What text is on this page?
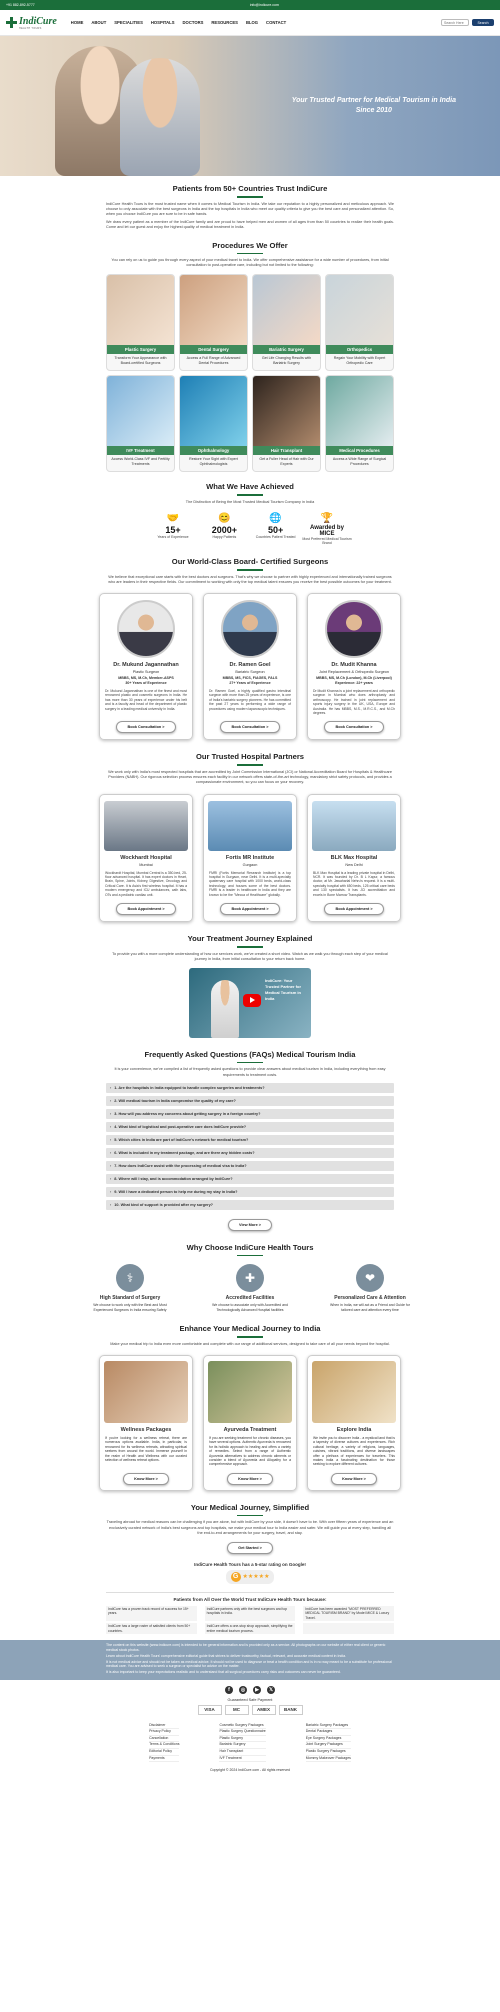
+91 882-892-5777	info@indicure.com
IndiCure
HEALTH TOURS
HOME ABOUT SPECIALITIES HOSPITALS DOCTORS RESOURCES BLOG CONTACT
Search Here	Search
Your Trusted Partner for Medical Tourism in India
Since 2010
Patients from 50+ Countries Trust IndiCure

IndiCure Health Tours is the most trusted name when it comes to Medical Tourism in India. We take our reputation to a highly personalized and meticulous approach. We choose to only associate with the best surgeons in India and the top hospitals in India who meet our quality criteria to give you the best care and personalized attention. So, when you choose IndiCure you are sure to be in safe hands.

We draw every patient as a member of the IndiCure family and are proud to have helped men and women of all ages from than 50 countries to realize their health goals. Come and let our guest and enjoy the highest quality of medical treatment in India.

Procedures We Offer

You can rely on us to guide you through every aspect of your medical travel to India. We offer comprehensive assistance for a wide number of procedures, from initial consultation to post-operative care, including but not limited to the following:

Plastic Surgery
Transform Your Appearance with Board-certified Surgeons
Dental Surgery
Access a Full Range of Advanced Dental Procedures
Bariatric Surgery
Get Life Changing Results with Bariatric Surgery
Orthopedics
Regain Your Mobility with Expert Orthopedic Care
IVF Treatment
Access World-Class IVF and Fertility Treatments
Ophthalmology
Restore Your Sight with Expert Ophthalmologists
Hair Transplant
Get a Fuller Head of Hair with Our Experts
Medical Procedures
Access a Wide Range of Surgical Procedures
What We Have Achieved

The Distinction of Being the Most Trusted Medical Tourism Company in India

🤝
15+
Years of Experience
😊
2000+
Happy Patients
🌐
50+
Countries Patient Treated
🏆
Awarded by MICE
Most Preferred Medical Tourism Brand
Our World-Class Board- Certified Surgeons

We believe that exceptional care starts with the best doctors and surgeons. That's why we choose to partner with highly experienced and internationally trained surgeons who are leaders in their respective fields. Our commitment to working with only the top medical talent ensures you receive the best possible outcomes for your treatment.

Dr. Mukund Jagannathan
Plastic Surgeon
MBBS, MS, M.Ch, Member-ASPS
30+ Years of Experience
Dr. Mukund Jagannathan is one of the finest and most renowned plastic and cosmetic surgeons in India. He has more than 30 years of experience under his belt and is a faculty and head of the department of plastic surgery in a leading medical university in India.
Book Consultation >
Dr. Ramen Goel
Bariatric Surgeon
MBBS, MS, FICS, FIAGES, FALS
27+ Years of Experience
Dr. Ramen Goel, a highly qualified gastro intestinal surgeon with more than 25 years of experience, is one of India's bariatric surgery pioneers. He has committed the past 27 years to performing a wide range of procedures using modern laparoscopic techniques.
Book Consultation >
Dr. Mudit Khanna
Joint Replacement & Orthopedic Surgeon
MBBS, MS, M.Ch (London), M.Ch (Liverpool)
Experience: 22+ years
Dr Mudit Khanna is a joint replacement and orthopedic surgeon in Mumbai who does arthroplasty and arthroscopy. He trained in joint replacement and sports injury surgery in the UK, USA, Europe and Australia. He has MBBS, M.S., M.R.C.S., and M.Ch degrees.
Book Consultation >
Our Trusted Hospital Partners

We work only with India's most respected hospitals that are accredited by Joint Commission International (JCI) or National Accreditation Board for Hospitals & Healthcare Providers (NABH). Our rigorous selection process ensures each facility in our network offers state-of-the-art technology, mandatory strict safety protocols, and provides a compassionate environment, so you can focus on your recovery.

Wockhardt Hospital
Mumbai
Wockhardt Hospital, Mumbai Central is a 350-bed, 25-floor advanced hospital. It has expert doctors in Heart, Brain, Spine, Joints, Kidney, Digestive, Oncology and Critical Care. It is Asia's first wireless hospital. It has a modern emergency and ICU ambulances, cath labs, OTs and a pediatric cardiac unit.
Book Appointment >
Fortis MR Institute
Gurgaon
FMRI (Fortis Memorial Research Institute) is a top hospital in Gurgaon, near Delhi. It is a multi-specialty quaternary care hospital with 1000 beds, world-class technology, and houses some of the best doctors. FMRI is a leader in healthcare in India and they are known to be the "Mecca of Healthcare" globally.
Book Appointment >
BLK Max Hospital
New Delhi
BLK Max Hospital is a leading private hospital in Delhi, NCR. It was founded by Dr. B L Kapur, a famous doctor, at Mr. Jawaharlal Nehru's request. It is a multi-specialty hospital with 650 beds, 125 critical care beds and 130 specialists. It has JCI accreditation and excels in Bone Marrow Transplants.
Book Appointment >
Your Treatment Journey Explained

To provide you with a more complete understanding of how our services work, we've created a short video. Watch as we walk you through each step of your medical journey in India, from initial consultation to your return back home.

IndiCure: Your Trusted Partner for Medical Tourism in India
Frequently Asked Questions (FAQs) Medical Tourism India

It is your convenience, we've compiled a list of frequently asked questions to provide clear answers about medical tourism in India, including everything from easy requirements to treatment costs.

› 1. Are the hospitals in India equipped to handle complex surgeries and treatments?
› 2. Will medical tourism in India compromise the quality of my care?
› 3. How will you address my concerns about getting surgery in a foreign country?
› 4. What kind of logistical and post-operative care does IndiCure provide?
› 5. Which cities in India are part of IndiCure's network for medical tourism?
› 6. What is included in my treatment package, and are there any hidden costs?
› 7. How does IndiCure assist with the processing of medical visa to India?
› 8. Where will I stay, and is accommodation arranged by IndiCure?
› 9. Will I have a dedicated person to help me during my stay in India?
› 10. What kind of support is provided after my surgery?
View More >
Why Choose IndiCure Health Tours
⚕
High Standard of Surgery
We choose to work only with the Best and Most Experienced Surgeons in India ensuring Safety
✚
Accredited Facilities
We choose to associate only with Accredited and Technologically Advanced Hospital facilities
❤
Personalized Care & Attention
When in India, we will act as a Friend and Guide for tailored care and attention every time
Enhance Your Medical Journey to India

Make your medical trip to India even more comfortable and complete with our range of additional services, designed to take care of all your needs beyond the hospital.

Wellness Packages
If you're looking for a wellness retreat, there are numerous options available. India, in particular, is renowned for its wellness retreats, attracting spiritual seekers from around the world. Immerse yourself in the realm of Health and Wellness with our curated selection of wellness retreat options.
Know More >
Ayurveda Treatment
If you are seeking treatment for chronic diseases, you have several options. Authentic Ayurveda is renowned for its holistic approach to healing and offers a variety of remedies. Select from a range of Authentic Ayurveda alternatives to address chronic ailments or consider a blend of Ayurveda and Allopathy for a comprehensive approach.
Know More >
Explore India
We invite you to discover India - a mystical land that is a tapestry of diverse cultures and experiences. Rich cultural heritage, a variety of religions, languages, cuisines, vibrant traditions, and diverse landscapes offer a plethora of experiences for travelers. This makes India a fascinating destination for those seeking to explore different cultures.
Know More >
Your Medical Journey, Simplified

Traveling abroad for medical reasons can be challenging if you are alone, but with IndiCure by your side, it doesn't have to be. With over fifteen years of experience and an exclusively curated network of India's best surgeons and top hospitals, we make your medical tour to India easier and safer. We will guide you at every step, handling all the end-to-end arrangements for your surgery, travel, and stay.

Get Started >
IndiCure Health Tours has a 5-star rating on Google!
G ★★★★★
Patients from All Over the World Trust IndiCure Health Tours because:
IndiCure has a proven track record of success for 15+ years.
IndiCure partners only with the best surgeons and top hospitals in India.
IndiCure has been awarded "MOST PREFERRED MEDICAL TOURISM BRAND" by Model MICE & Luxury Travel.
IndiCure has a large roster of satisfied clients from 50+ countries.
IndiCure offers a one-stop shop approach, simplifying the entire medical tourism process.

The content on this website (www.indicure.com) is intended to be general information and is provided only as a service. All photographs on our website of either real client or generic medical stock photos.

Learn about IndiCure Health Tours' comprehensive editorial guide that strives to deliver trustworthy, factual, relevant, and accurate medical content in India.

It is not medical advice and should not be taken as medical advice. It should not be used to diagnose or treat a health condition and is in no way meant to be a substitute for professional medical care. You are advised to seek a surgeon or specialist for advice on the matter.

It is also important to keep your expectations realistic and to understand that all surgical procedures carry risks and outcomes can never be guaranteed.

f	◎	▶	𝕏
Guaranteed Safe Payment
VISA	MC	AMEX	BANK
Disclaimer
Privacy Policy
Cancellation
Terms & Conditions
Editorial Policy
Payments
Cosmetic Surgery Packages
Plastic Surgery Questionnaire
Plastic Surgery
Bariatric Surgery
Hair Transplant
IVF Treatment
Bariatric Surgery Packages
Dental Packages
Eye Surgery Packages
Joint Surgery Packages
Plastic Surgery Packages
Mommy Makeover Packages
Copyright © 2024 IndiCure.com - All rights reserved
